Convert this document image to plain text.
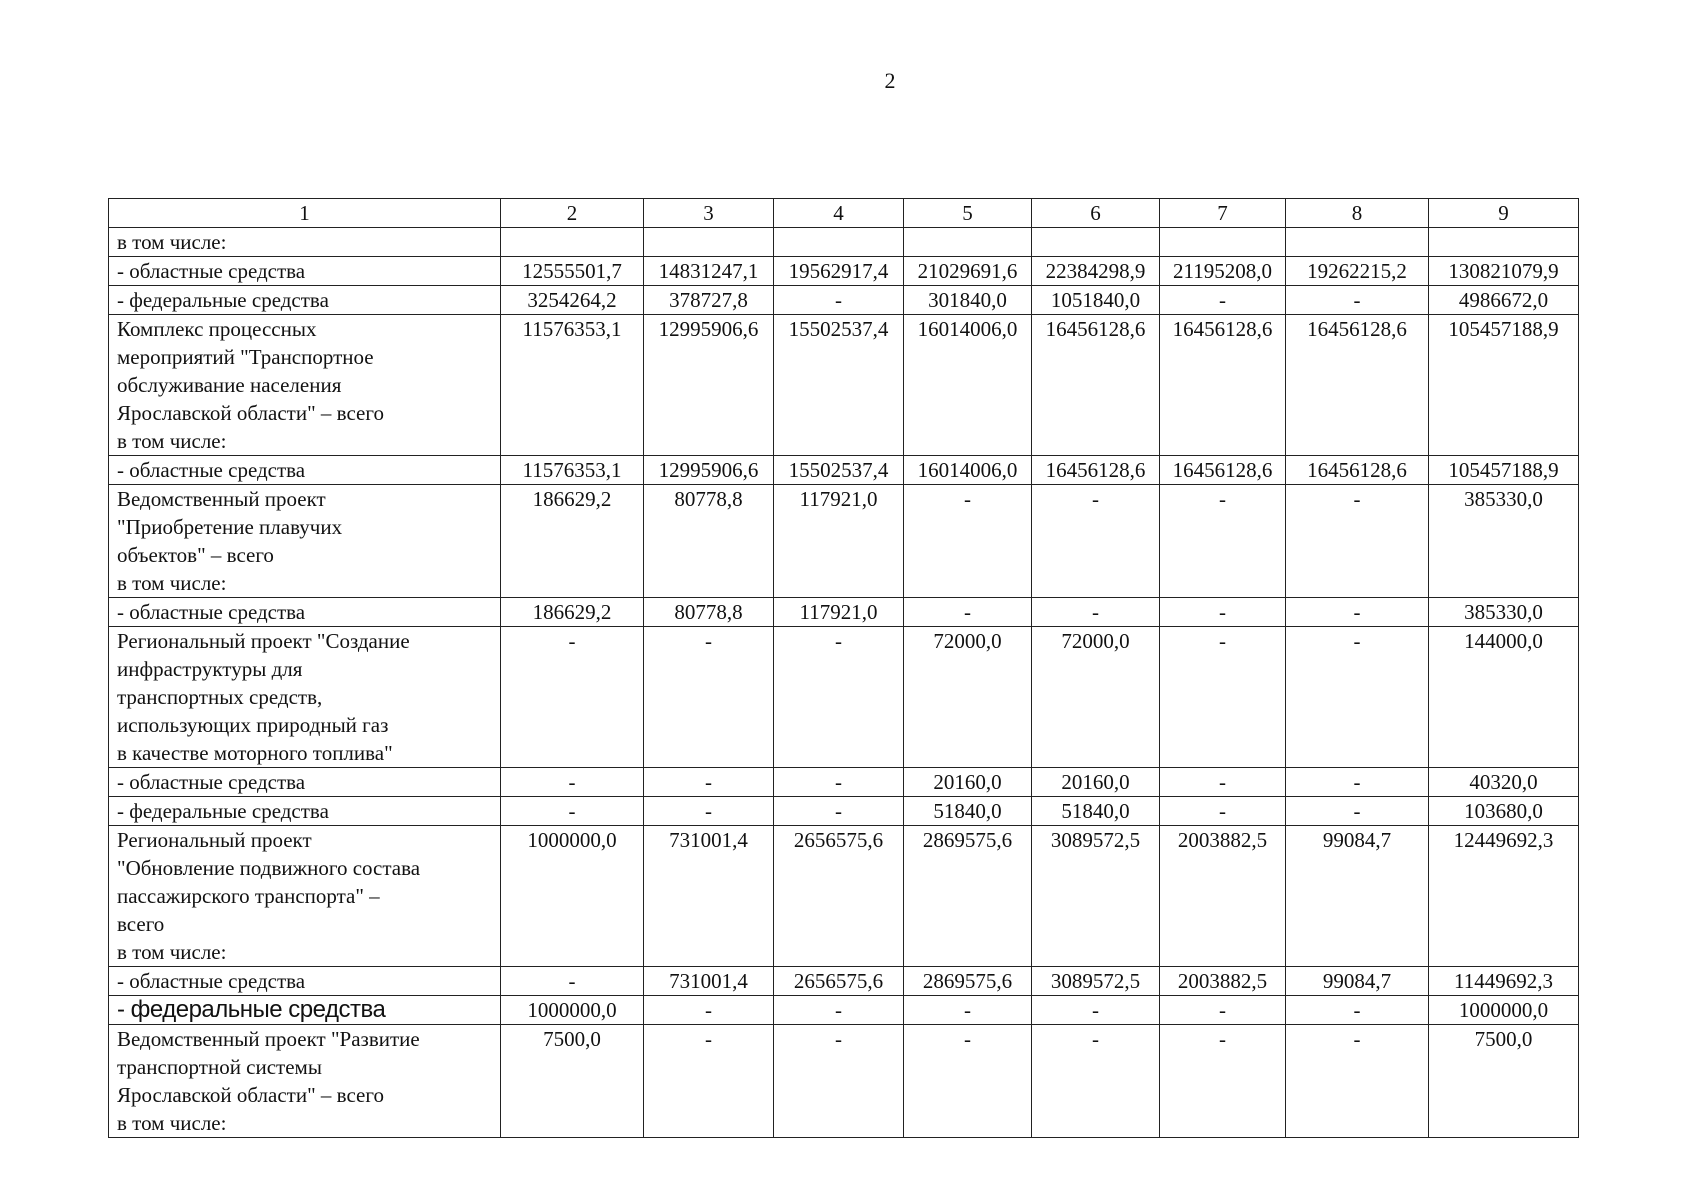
2
1	2	3	4	5	6	7	8	9
в том числе:								
- областные средства	12555501,7	14831247,1	19562917,4	21029691,6	22384298,9	21195208,0	19262215,2	130821079,9
- федеральные средства	3254264,2	378727,8	-	301840,0	1051840,0	-	-	4986672,0
Комплекс процессных
мероприятий "Транспортное
обслуживание населения
Ярославской области" – всего
в том числе:	11576353,1	12995906,6	15502537,4	16014006,0	16456128,6	16456128,6	16456128,6	105457188,9
- областные средства	11576353,1	12995906,6	15502537,4	16014006,0	16456128,6	16456128,6	16456128,6	105457188,9
Ведомственный проект
"Приобретение плавучих
объектов" – всего
в том числе:	186629,2	80778,8	117921,0	-	-	-	-	385330,0
- областные средства	186629,2	80778,8	117921,0	-	-	-	-	385330,0
Региональный проект "Создание
инфраструктуры для
транспортных средств,
использующих природный газ
в качестве моторного топлива"	-	-	-	72000,0	72000,0	-	-	144000,0
- областные средства	-	-	-	20160,0	20160,0	-	-	40320,0
- федеральные средства	-	-	-	51840,0	51840,0	-	-	103680,0
Региональный проект
"Обновление подвижного состава
пассажирского транспорта" –
всего
в том числе:	1000000,0	731001,4	2656575,6	2869575,6	3089572,5	2003882,5	99084,7	12449692,3
- областные средства	-	731001,4	2656575,6	2869575,6	3089572,5	2003882,5	99084,7	11449692,3
- федеральные средства	1000000,0	-	-	-	-	-	-	1000000,0
Ведомственный проект "Развитие
транспортной системы
Ярославской области" – всего
в том числе:	7500,0	-	-	-	-	-	-	7500,0
